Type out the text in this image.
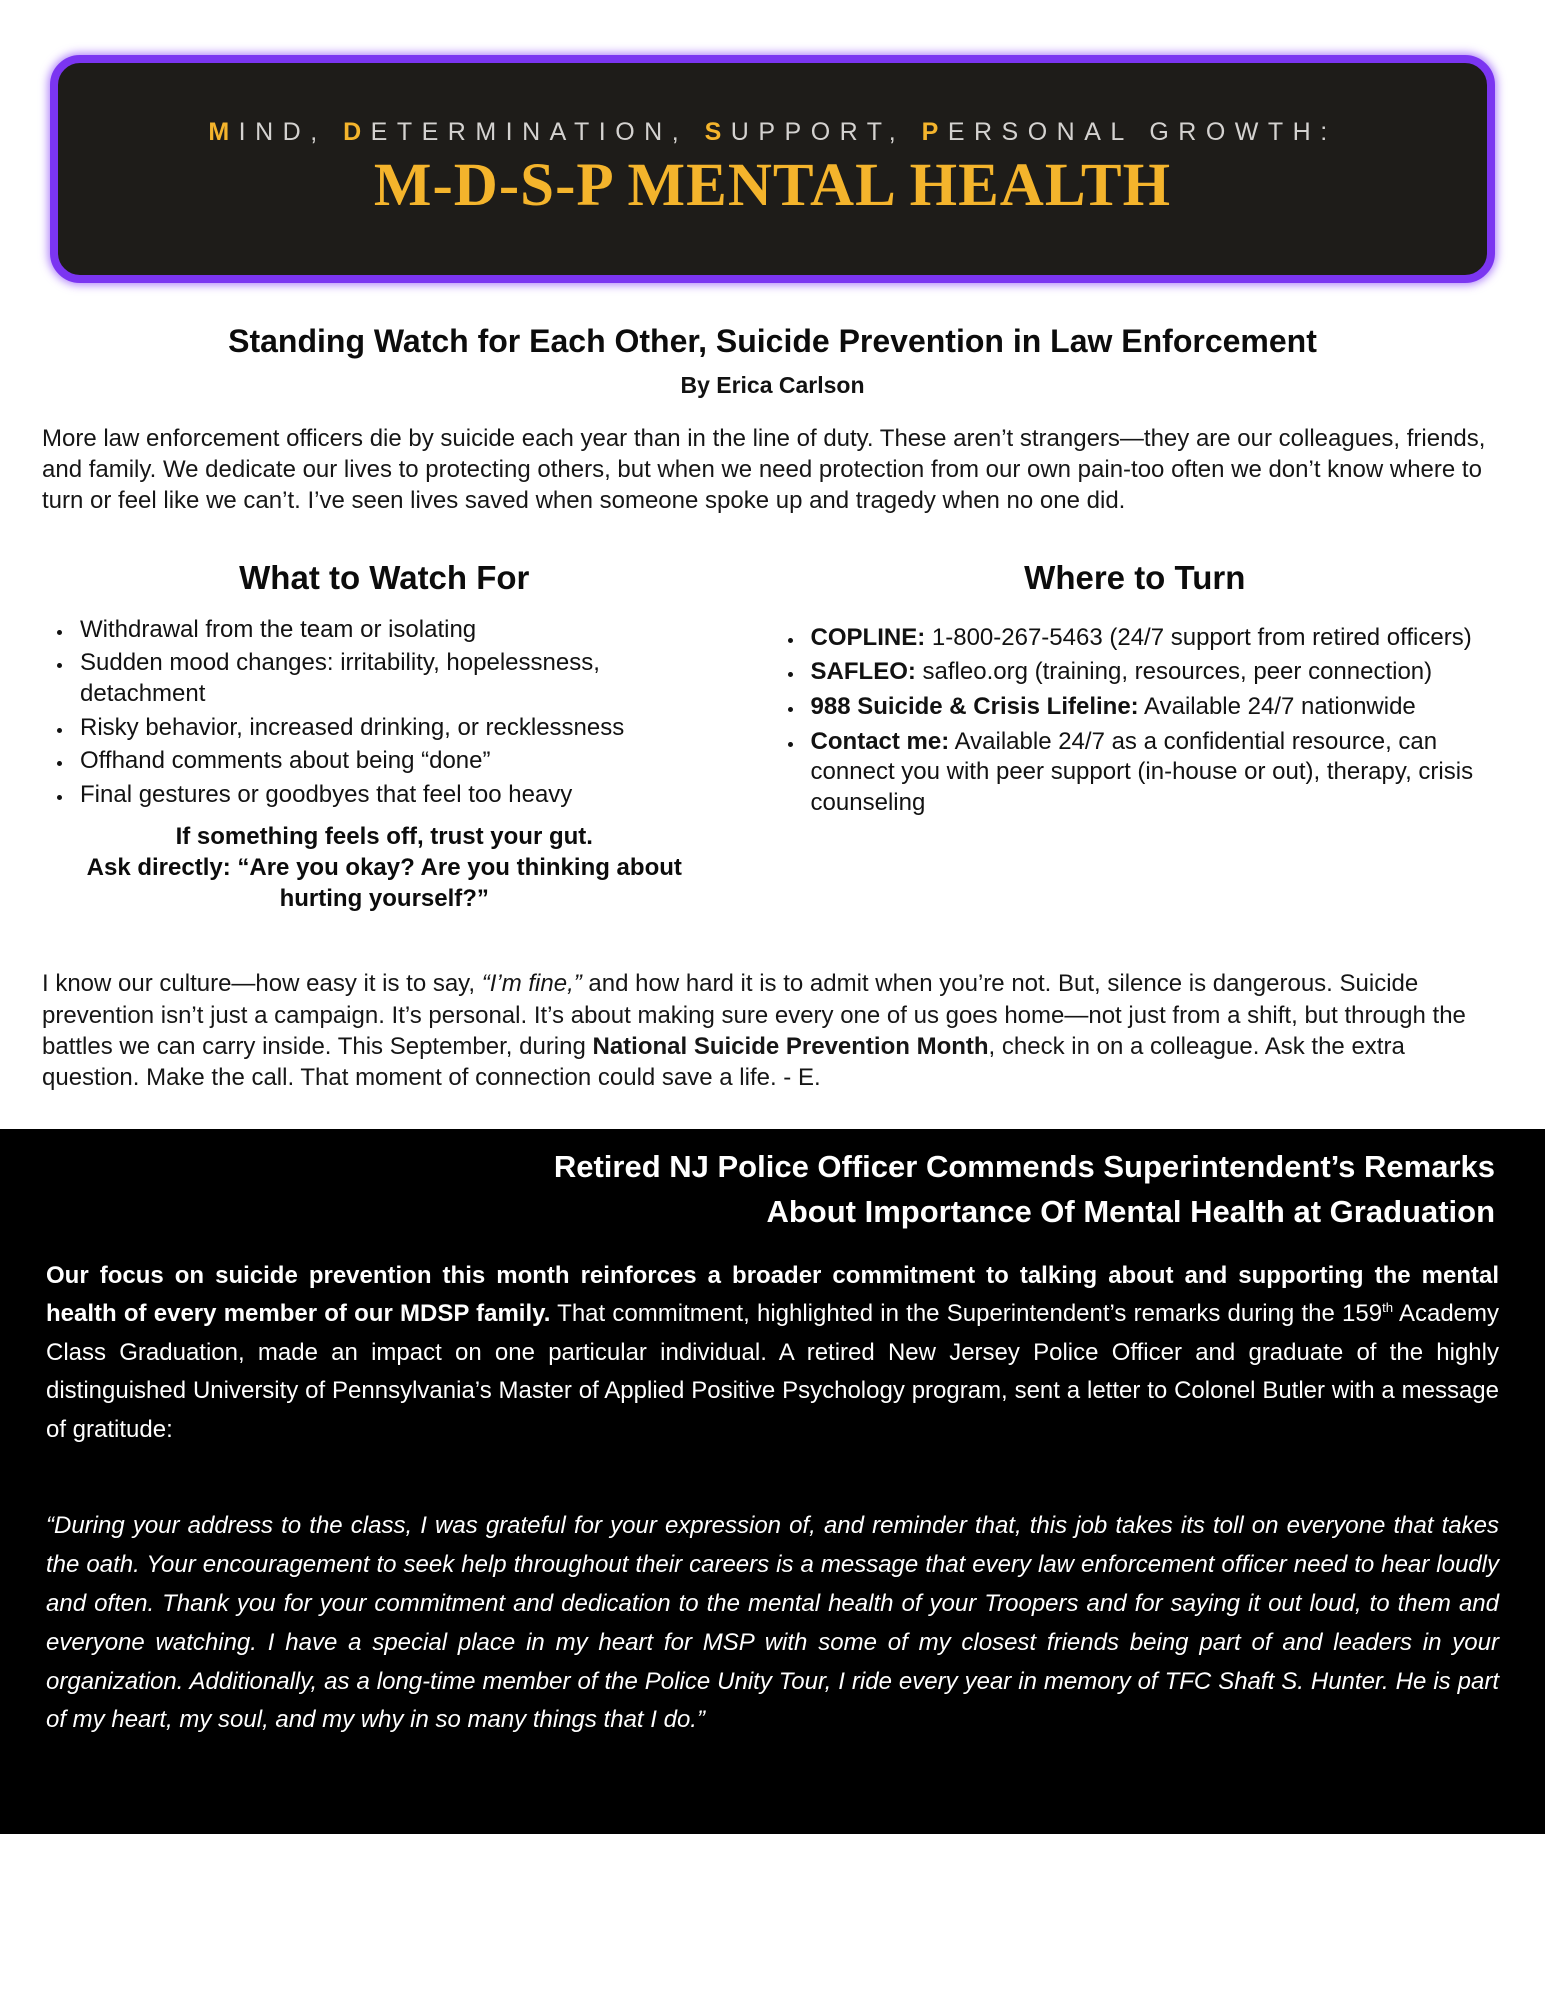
MIND, DETERMINATION, SUPPORT, PERSONAL GROWTH:
M-D-S-P MENTAL HEALTH
Standing Watch for Each Other, Suicide Prevention in Law Enforcement
By Erica Carlson

More law enforcement officers die by suicide each year than in the line of duty. These aren’t strangers—they are our colleagues, friends, and family. We dedicate our lives to protecting others, but when we need protection from our own pain-too often we don’t know where to turn or feel like we can’t. I’ve seen lives saved when someone spoke up and tragedy when no one did.

What to Watch For
• Withdrawal from the team or isolating
• Sudden mood changes: irritability, hopelessness, detachment
• Risky behavior, increased drinking, or recklessness
• Offhand comments about being “done”
• Final gestures or goodbyes that feel too heavy
If something feels off, trust your gut.
Ask directly: “Are you okay? Are you thinking about hurting yourself?”
Where to Turn
• COPLINE: 1-800-267-5463 (24/7 support from retired officers)
• SAFLEO: safleo.org (training, resources, peer connection)
• 988 Suicide & Crisis Lifeline: Available 24/7 nationwide
• Contact me: Available 24/7 as a confidential resource, can connect you with peer support (in-house or out), therapy, crisis counseling

I know our culture—how easy it is to say, “I’m fine,” and how hard it is to admit when you’re not. But, silence is dangerous. Suicide prevention isn’t just a campaign. It’s personal. It’s about making sure every one of us goes home—not just from a shift, but through the battles we can carry inside. This September, during National Suicide Prevention Month, check in on a colleague. Ask the extra question. Make the call. That moment of connection could save a life. - E.

Retired NJ Police Officer Commends Superintendent’s Remarks
About Importance Of Mental Health at Graduation

Our focus on suicide prevention this month reinforces a broader commitment to talking about and supporting the mental health of every member of our MDSP family. That commitment, highlighted in the Superintendent’s remarks during the 159th Academy Class Graduation, made an impact on one particular individual. A retired New Jersey Police Officer and graduate of the highly distinguished University of Pennsylvania’s Master of Applied Positive Psychology program, sent a letter to Colonel Butler with a message of gratitude:

“During your address to the class, I was grateful for your expression of, and reminder that, this job takes its toll on everyone that takes the oath. Your encouragement to seek help throughout their careers is a message that every law enforcement officer need to hear loudly and often. Thank you for your commitment and dedication to the mental health of your Troopers and for saying it out loud, to them and everyone watching. I have a special place in my heart for MSP with some of my closest friends being part of and leaders in your organization. Additionally, as a long-time member of the Police Unity Tour, I ride every year in memory of TFC Shaft S. Hunter. He is part of my heart, my soul, and my why in so many things that I do.”
